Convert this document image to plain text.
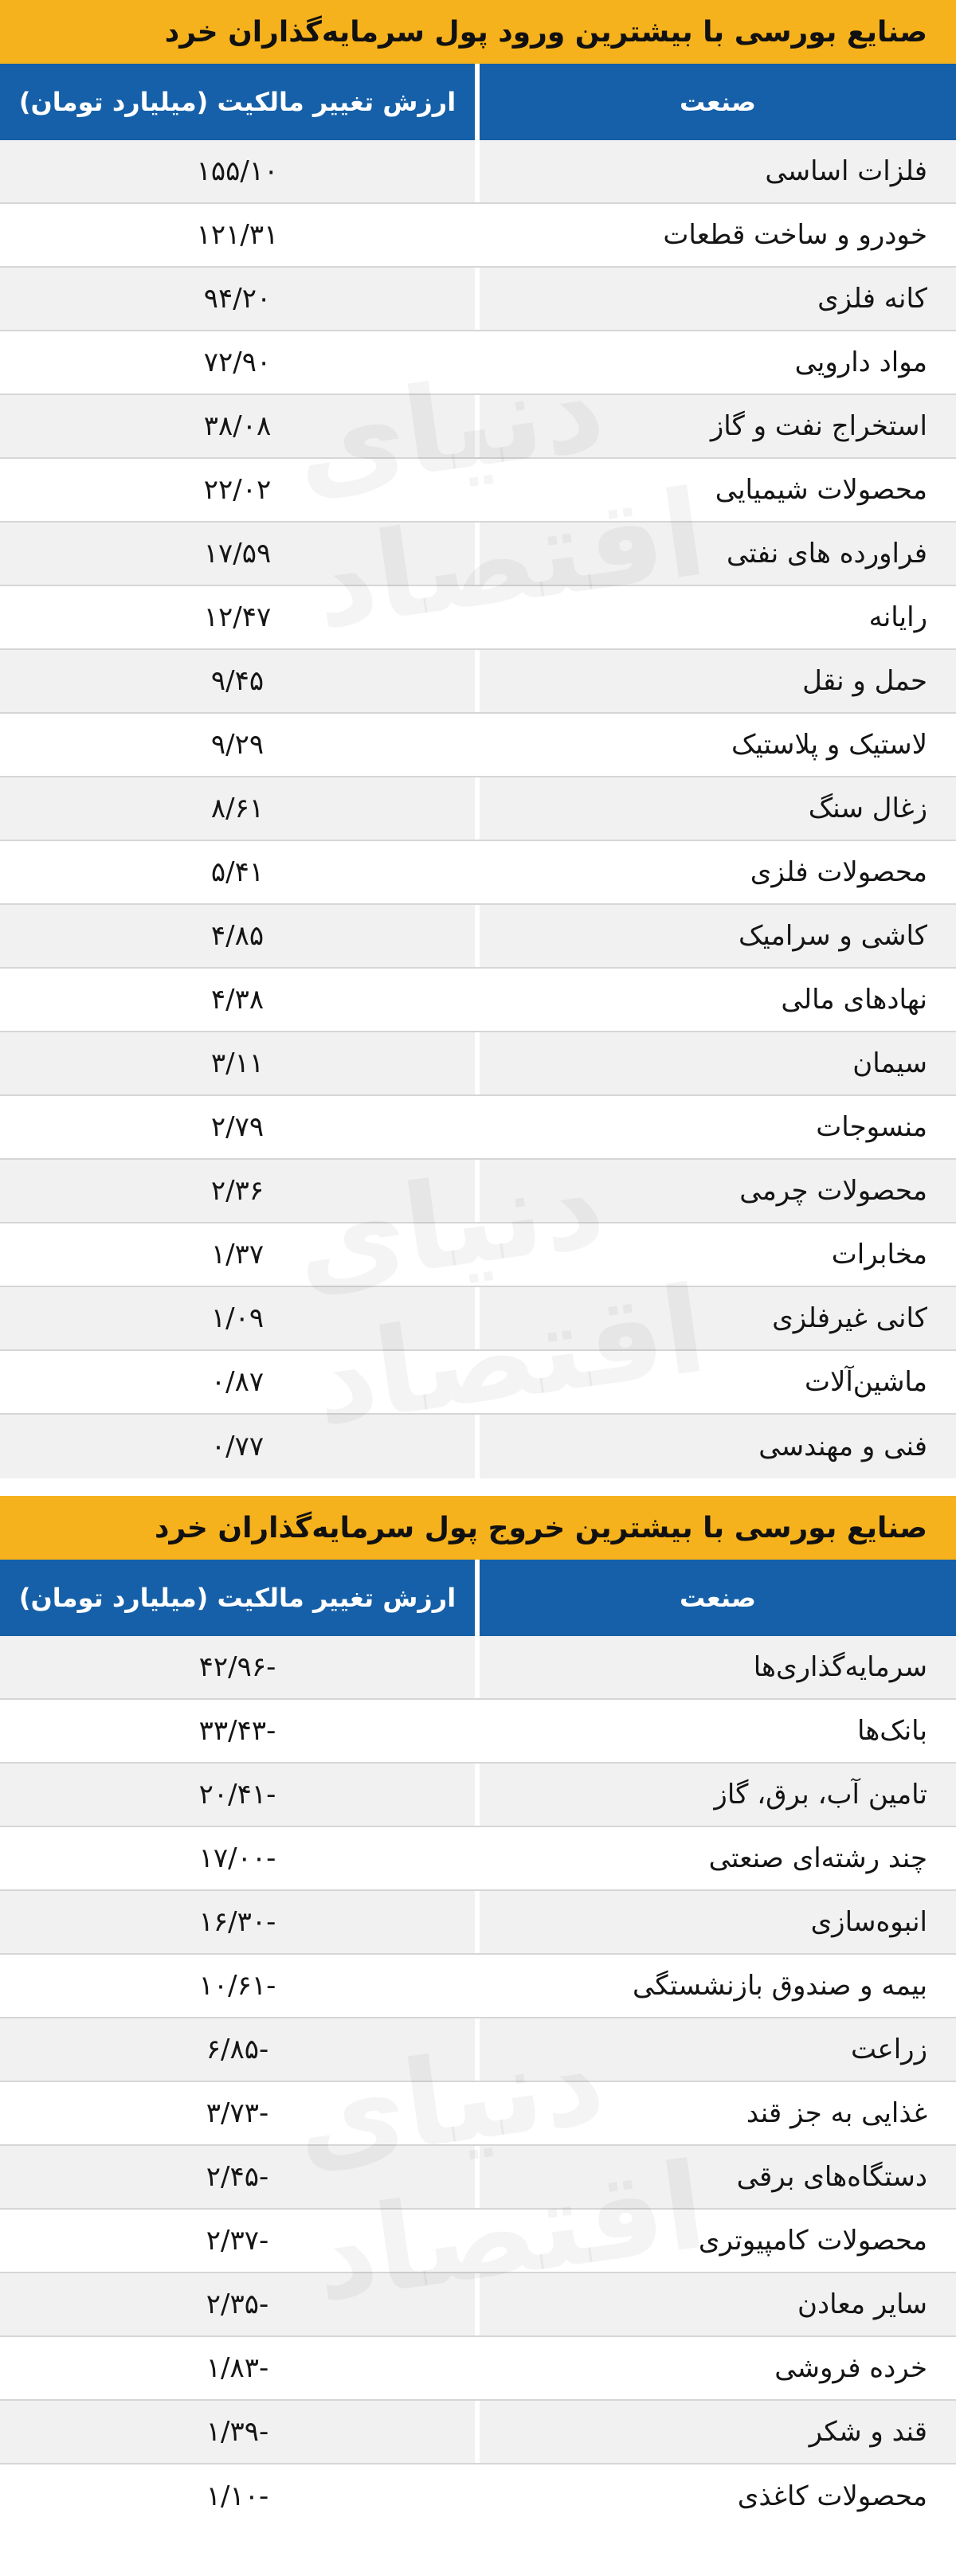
صنایع بورسی با بیشترین ورود پول سرمایه‌گذاران خرد
ارزش تغییر مالکیت (میلیارد تومان)	صنعت
۱۵۵/۱۰	فلزات اساسی
۱۲۱/۳۱	خودرو و ساخت قطعات
۹۴/۲۰	کانه فلزی
۷۲/۹۰	مواد دارویی
۳۸/۰۸	استخراج نفت و گاز
۲۲/۰۲	محصولات شیمیایی
۱۷/۵۹	فراورده های نفتی
۱۲/۴۷	رایانه
۹/۴۵	حمل و نقل
۹/۲۹	لاستیک و پلاستیک
۸/۶۱	زغال سنگ
۵/۴۱	محصولات فلزی
۴/۸۵	کاشی و سرامیک
۴/۳۸	نهادهای مالی
۳/۱۱	سیمان
۲/۷۹	منسوجات
۲/۳۶	محصولات چرمی
۱/۳۷	مخابرات
۱/۰۹	کانی غیرفلزی
۰/۸۷	ماشین‌آلات
۰/۷۷	فنی و مهندسی
صنایع بورسی با بیشترین خروج پول سرمایه‌گذاران خرد
ارزش تغییر مالکیت (میلیارد تومان)	صنعت
-۴۲/۹۶	سرمایه‌گذاری‌ها
-۳۳/۴۳	بانک‌ها
-۲۰/۴۱	تامین آب، برق، گاز
-۱۷/۰۰	چند رشته‌ای صنعتی
-۱۶/۳۰	انبوه‌سازی
-۱۰/۶۱	بیمه و صندوق بازنشستگی
-۶/۸۵	زراعت
-۳/۷۳	غذایی به جز قند
-۲/۴۵	دستگاه‌های برقی
-۲/۳۷	محصولات کامپیوتری
-۲/۳۵	سایر معادن
-۱/۸۳	خرده فروشی
-۱/۳۹	قند و شکر
-۱/۱۰	محصولات کاغذی
